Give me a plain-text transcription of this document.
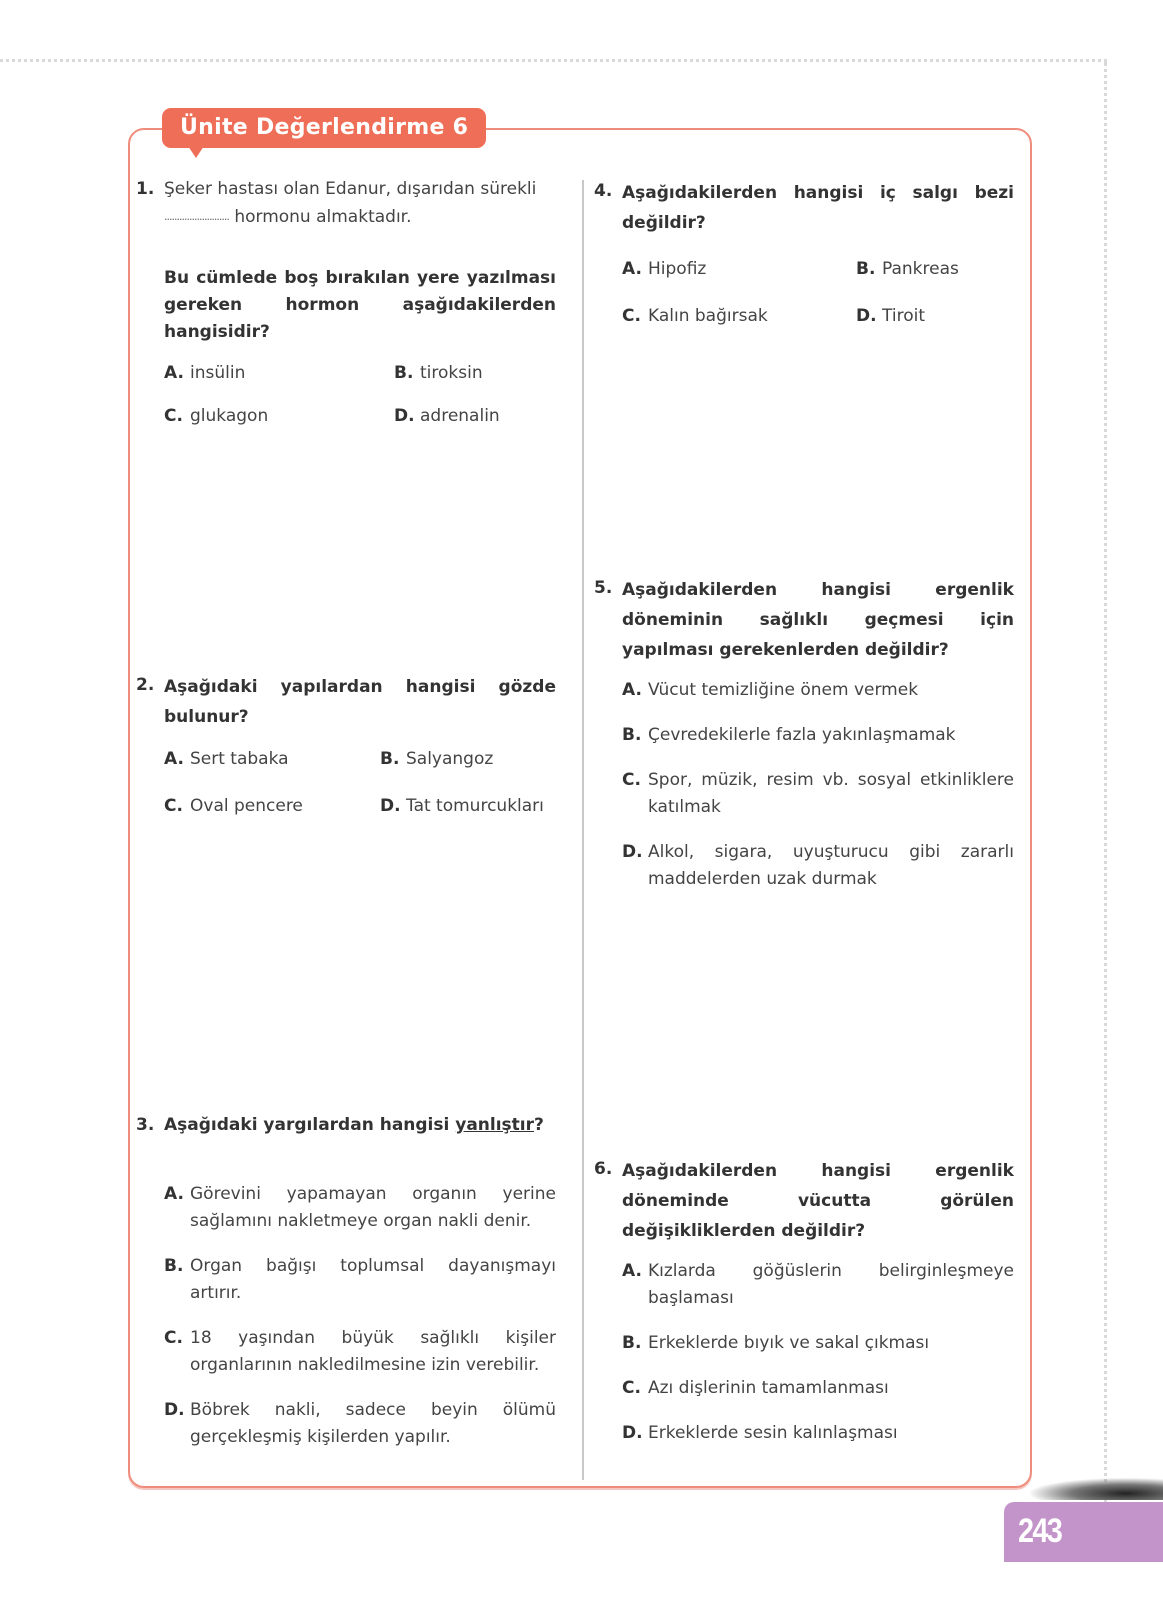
Ünite Değerlendirme 6
1. Şeker hastası olan Edanur, dışarıdan sürekli
.......................... hormonu almaktadır.
Bu cümlede boş bırakılan yere yazılması gereken hormon aşağıdakilerden hangisidir?
A. insülin	B. tiroksin
C. glukagon	D. adrenalin
2. Aşağıdaki yapılardan hangisi gözde bulunur?
A. Sert tabaka	B. Salyangoz
C. Oval pencere	D. Tat tomurcukları
3. Aşağıdaki yargılardan hangisi yanlıştır?
A. Görevini yapamayan organın yerine sağlamını nakletmeye organ nakli denir.
B. Organ bağışı toplumsal dayanışmayı artırır.
C. 18 yaşından büyük sağlıklı kişiler organlarının nakledilmesine izin verebilir.
D. Böbrek nakli, sadece beyin ölümü gerçekleşmiş kişilerden yapılır.
4. Aşağıdakilerden hangisi iç salgı bezi değildir?
A. Hipofiz	B. Pankreas
C. Kalın bağırsak	D. Tiroit
5. Aşağıdakilerden hangisi ergenlik döneminin sağlıklı geçmesi için yapılması gerekenlerden değildir?
A. Vücut temizliğine önem vermek
B. Çevredekilerle fazla yakınlaşmamak
C. Spor, müzik, resim vb. sosyal etkinliklere katılmak
D. Alkol, sigara, uyuşturucu gibi zararlı maddelerden uzak durmak
6. Aşağıdakilerden hangisi ergenlik döneminde vücutta görülen değişikliklerden değildir?
A. Kızlarda göğüslerin belirginleşmeye başlaması
B. Erkeklerde bıyık ve sakal çıkması
C. Azı dişlerinin tamamlanması
D. Erkeklerde sesin kalınlaşması
243
